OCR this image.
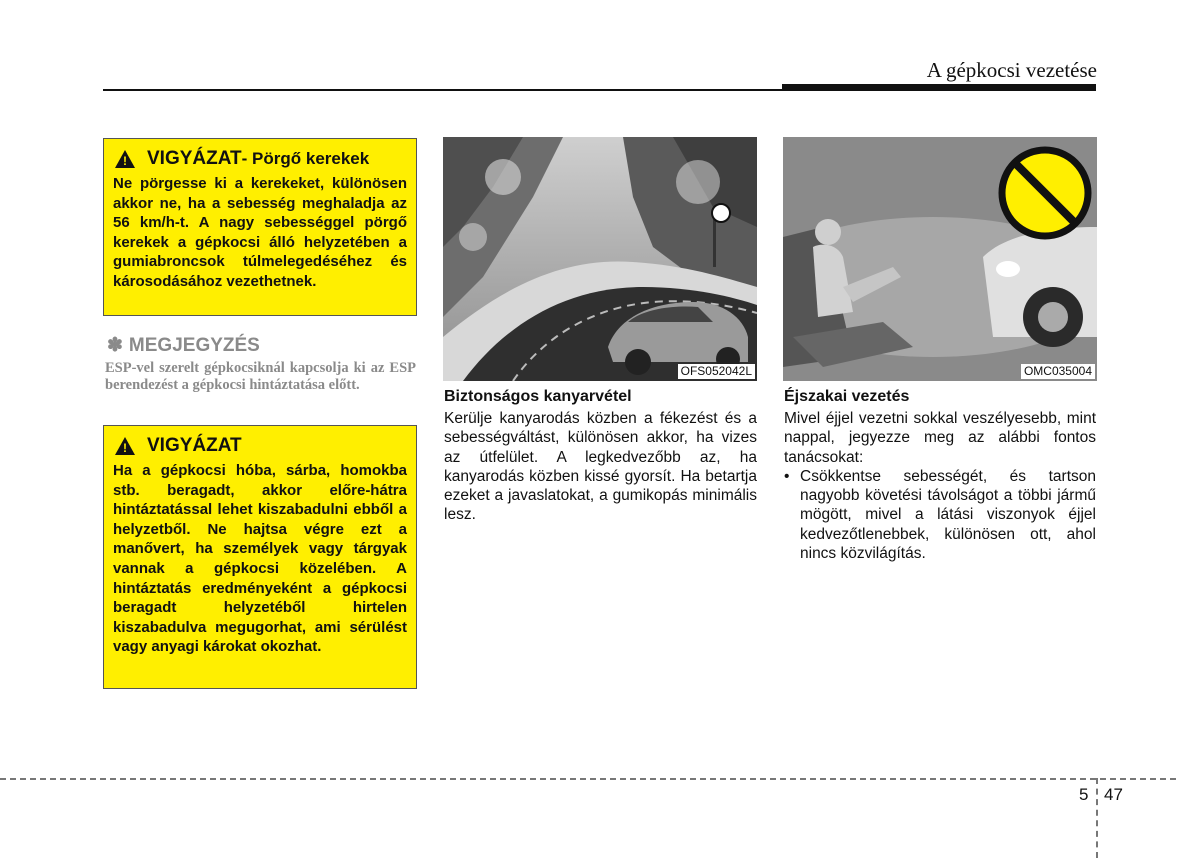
A gépkocsi vezetése
! VIGYÁZAT - Pörgő kerekek
Ne pörgesse ki a kerekeket, különösen akkor ne, ha a sebesség meghaladja az 56 km/h-t. A nagy sebességgel pörgő kerekek a gépkocsi álló helyzetében a gumiabroncsok túlmelegedéséhez és károsodásához vezethetnek.
✽ MEGJEGYZÉS
ESP-vel szerelt gépkocsiknál kapcsolja ki az ESP berendezést a gépkocsi hintáztatása előtt.
! VIGYÁZAT
Ha a gépkocsi hóba, sárba, homokba stb. beragadt, akkor előre-hátra hintáztatással lehet kiszabadulni ebből a helyzetből. Ne hajtsa végre ezt a manővert, ha személyek vagy tárgyak vannak a gépkocsi közelében. A hintáztatás eredményeként a gépkocsi beragadt helyzetéből hirtelen kiszabadulva megugorhat, ami sérülést vagy anyagi károkat okozhat.
OFS052042L	OMC035004
Biztonságos kanyarvétel
Kerülje kanyarodás közben a fékezést és a sebességváltást, különösen akkor, ha vizes az útfelület. A legkedvezőbb az, ha kanyarodás közben kissé gyorsít. Ha betartja ezeket a javaslatokat, a gumikopás minimális lesz.
Éjszakai vezetés
Mivel éjjel vezetni sokkal veszélyesebb, mint nappal, jegyezze meg az alábbi fontos tanácsokat:
• Csökkentse sebességét, és tartson nagyobb követési távolságot a többi jármű mögött, mivel a látási viszonyok éjjel kedvezőtlenebbek, különösen ott, ahol nincs közvilágítás.
5 47
